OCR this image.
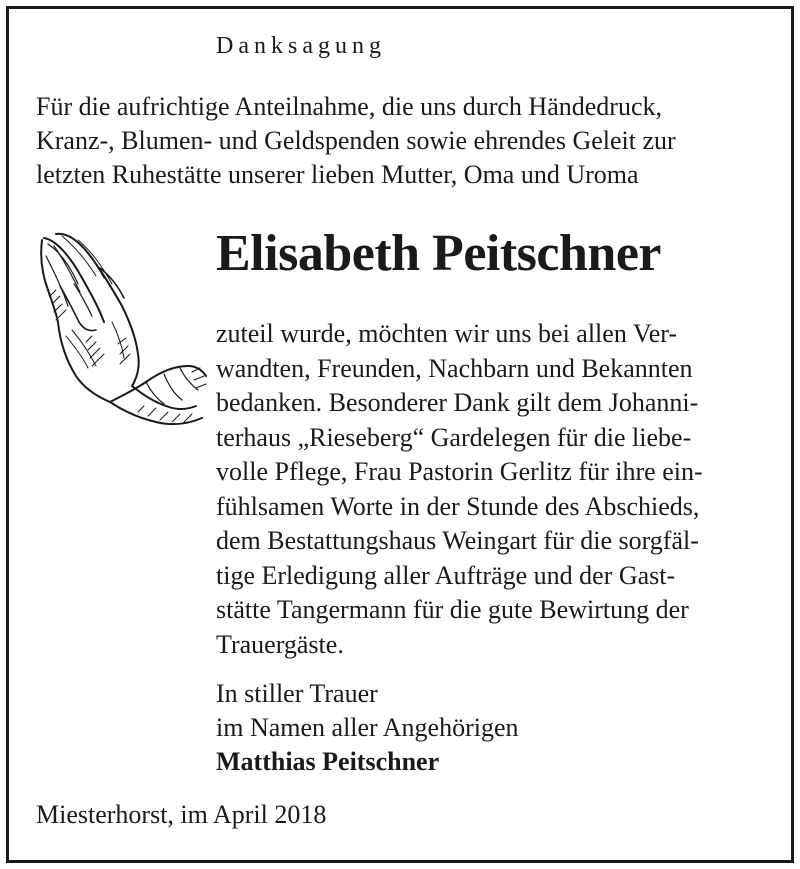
Danksagung
Für die aufrichtige Anteilnahme, die uns durch Händedruck,
Kranz-, Blumen- und Geldspenden sowie ehrendes Geleit zur
letzten Ruhestätte unserer lieben Mutter, Oma und Uroma
Elisabeth Peitschner
zuteil wurde, möchten wir uns bei allen Ver-
wandten, Freunden, Nachbarn und Bekannten
bedanken. Besonderer Dank gilt dem Johanni-
terhaus „Rieseberg“ Gardelegen für die liebe-
volle Pflege, Frau Pastorin Gerlitz für ihre ein-
fühlsamen Worte in der Stunde des Abschieds,
dem Bestattungshaus Weingart für die sorgfäl-
tige Erledigung aller Aufträge und der Gast-
stätte Tangermann für die gute Bewirtung der
Trauergäste.
In stiller Trauer
im Namen aller Angehörigen
Matthias Peitschner
Miesterhorst, im April 2018
